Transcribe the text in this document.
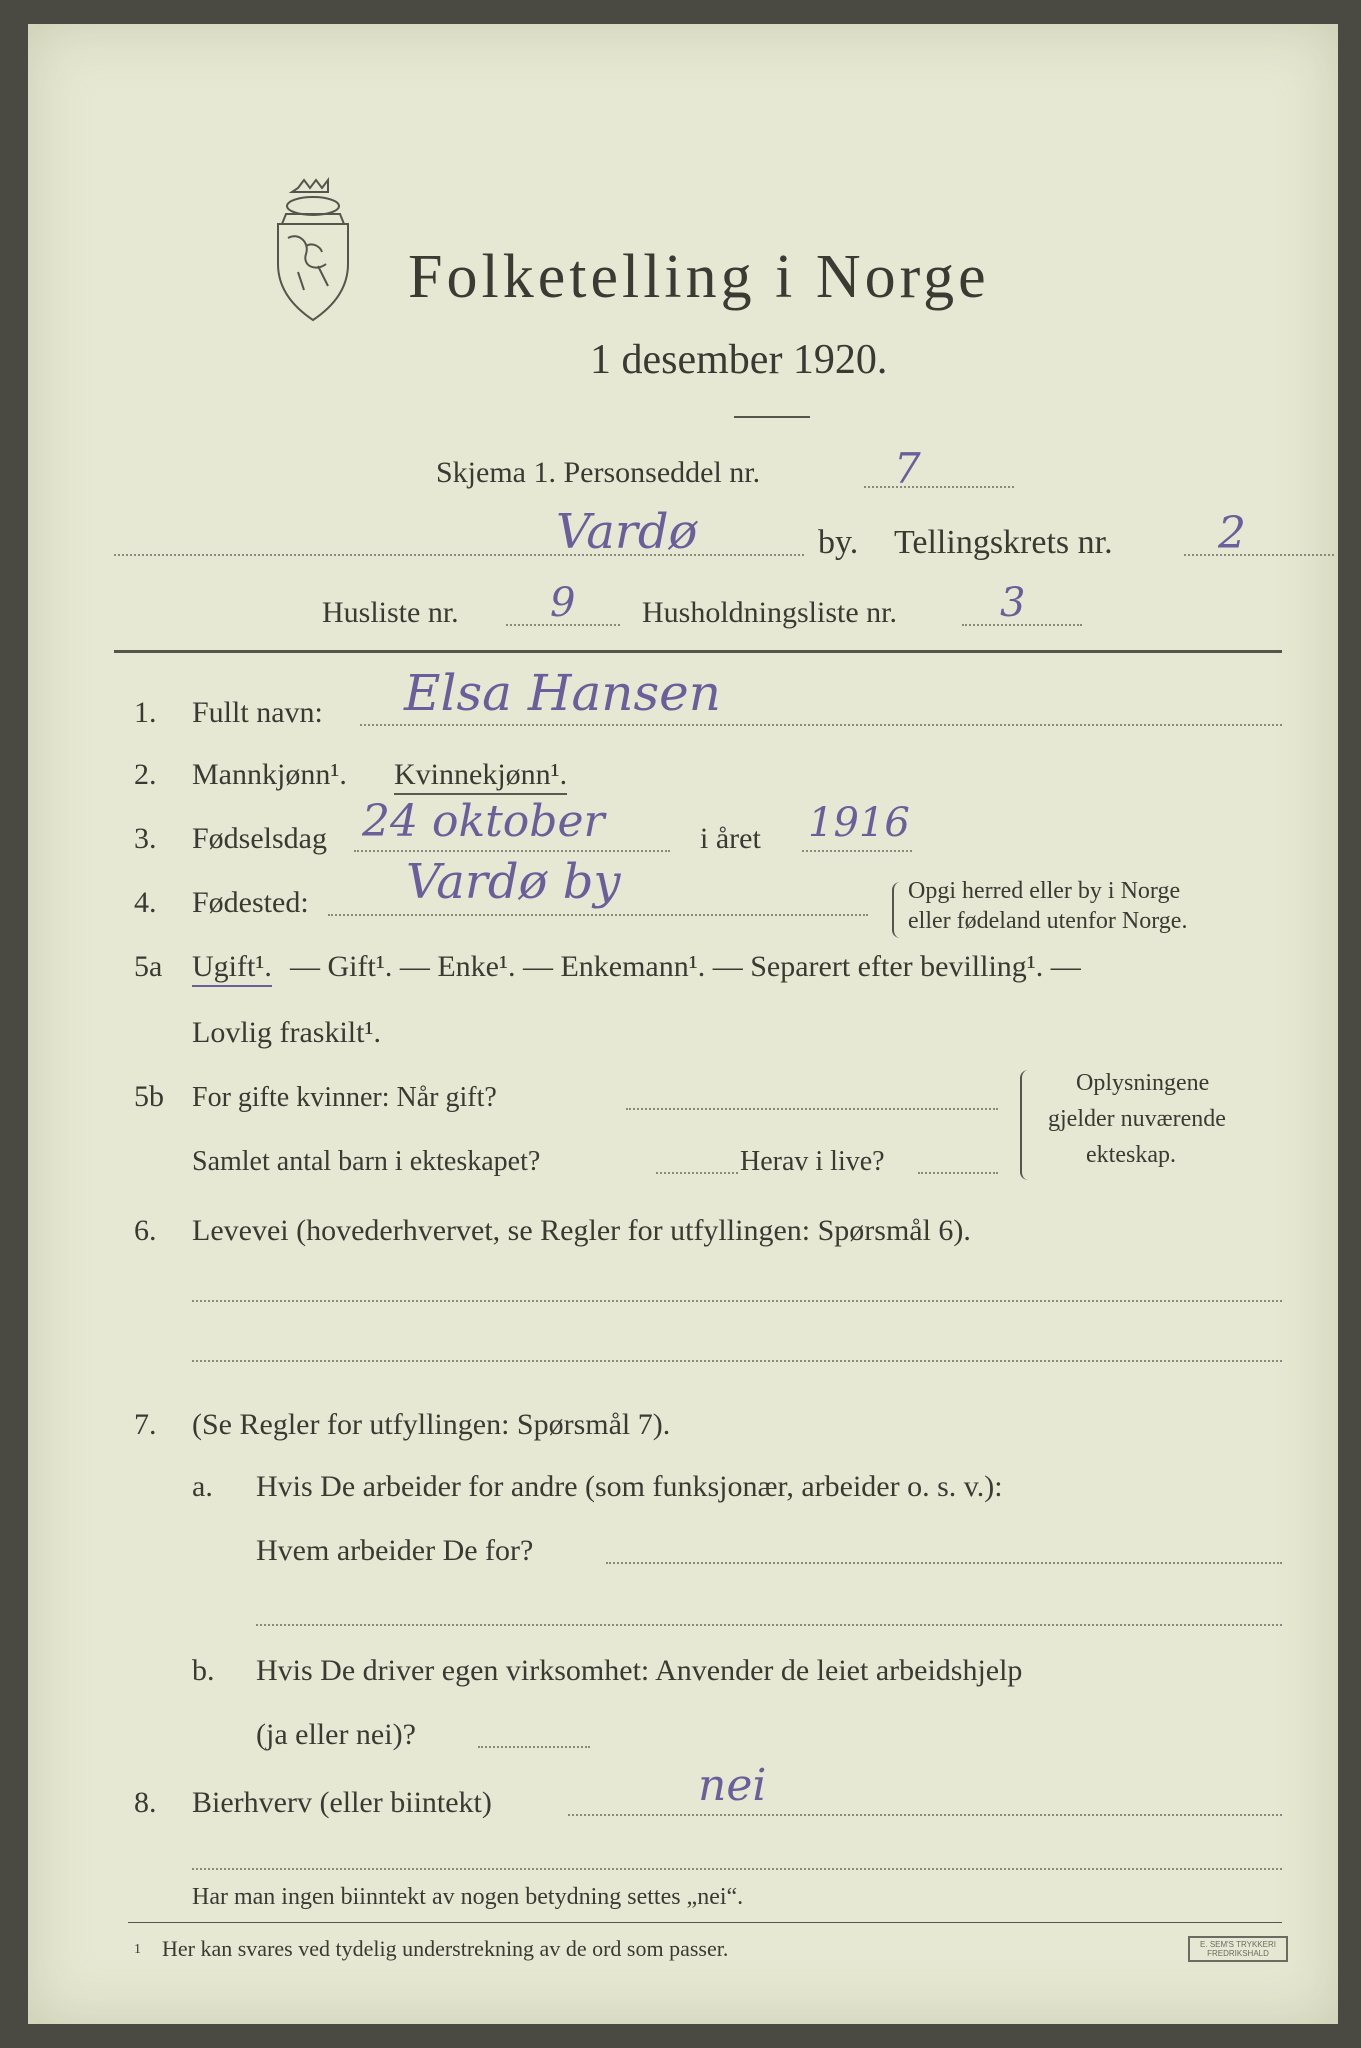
Folketelling i Norge
1 desember 1920.
Skjema 1. Personseddel nr.	7
Vardø	by. Tellingskrets nr. 2
Husliste nr. 9 Husholdningsliste nr.	3
1. Fullt navn: Elsa Hansen
2. Mannkjønn¹. Kvinnekjønn¹.
3. Fødselsdag 24 oktober	i året 1916
4. Fødested: Vardø by	Opgi herred eller by i Norge
eller fødeland utenfor Norge.
5a Ugift¹. — Gift¹. — Enke¹. — Enkemann¹. — Separert efter bevilling¹. —
Lovlig fraskilt¹.
5b For gifte kvinner: Når gift?
Samlet antal barn i ekteskapet?	Herav i live?
Oplysningene
gjelder nuværende
ekteskap.
6. Levevei (hovederhvervet, se Regler for utfyllingen: Spørsmål 6).
7. (Se Regler for utfyllingen: Spørsmål 7).
a. Hvis De arbeider for andre (som funksjonær, arbeider o. s. v.):
Hvem arbeider De for?
b. Hvis De driver egen virksomhet: Anvender de leiet arbeidshjelp
(ja eller nei)?
8. Bierhverv (eller biintekt)	nei
Har man ingen biinntekt av nogen betydning settes „nei“.
1 Her kan svares ved tydelig understrekning av de ord som passer.	E. SEM'S TRYKKERI FREDRIKSHALD
